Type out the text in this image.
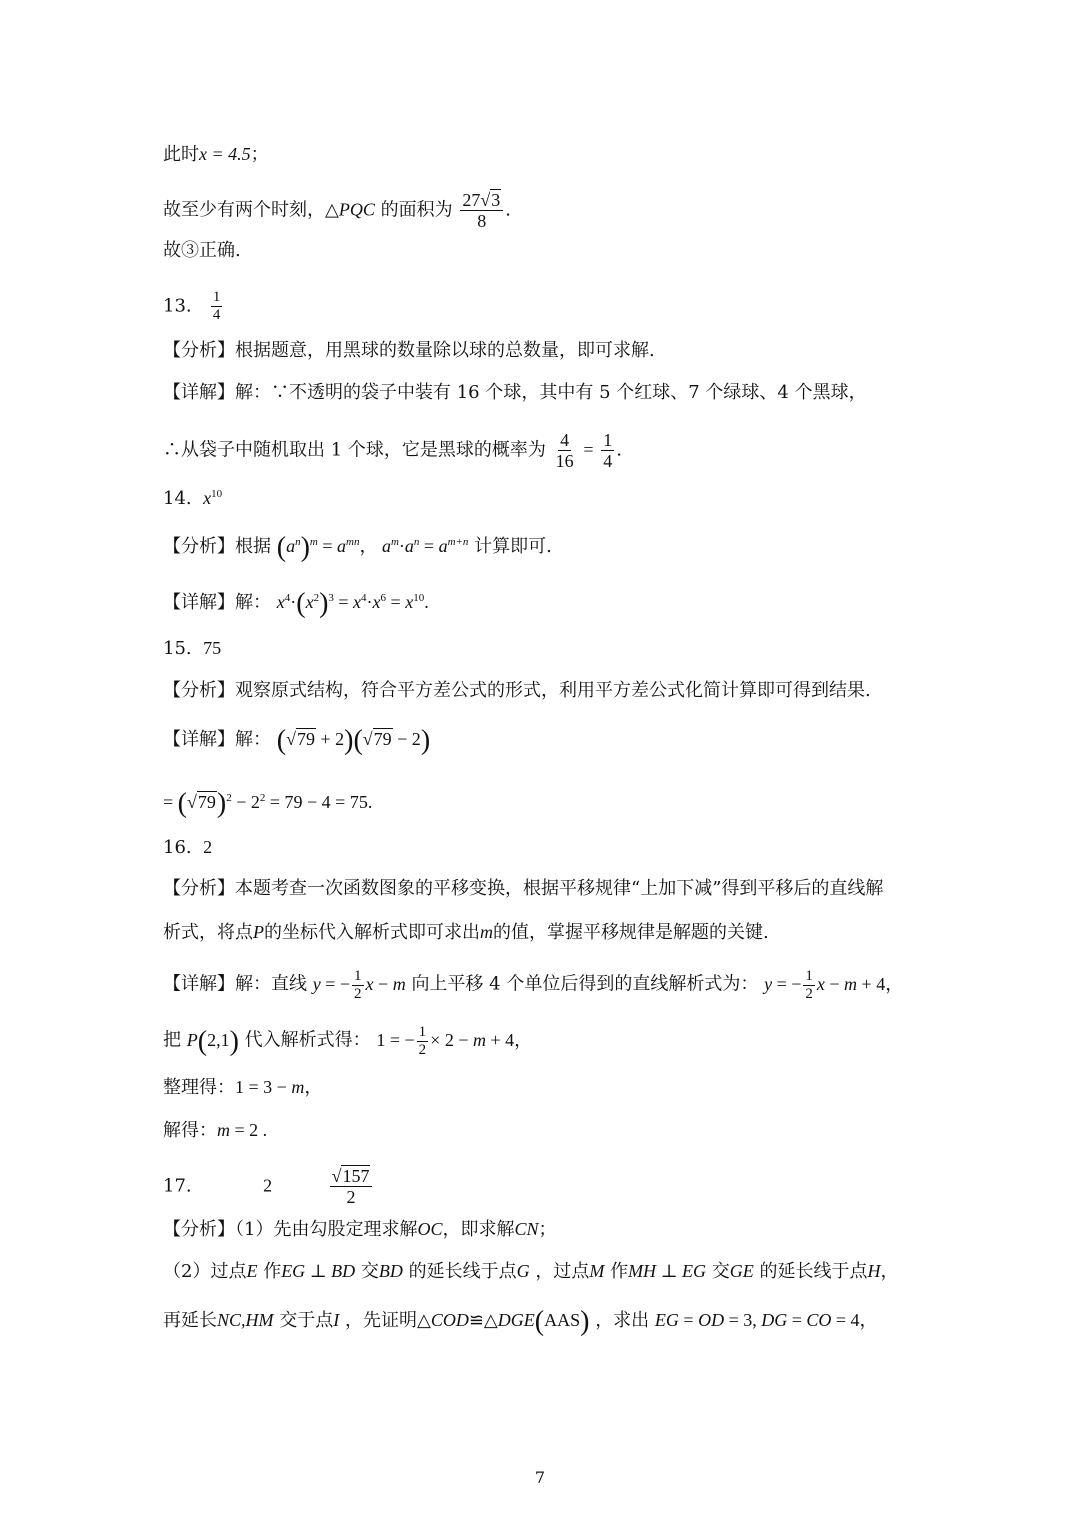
此时x = 4.5；
故至少有两个时刻，△PQC 的面积为 $\frac{27√3}{8}$ .
故③正确.
13. $\frac{1}{4}$
【分析】根据题意，用黑球的数量除以球的总数量，即可求解.
【详解】解：∵不透明的袋子中装有 16 个球，其中有 5 个红球、7 个绿球、4 个黑球，
∴从袋子中随机取出 1 个球，它是黑球的概率为 $\frac{4}{16} = \frac{1}{4}$ .
14. $x^{10}$
【分析】根据 $(a^n)^m = a^{mn}$， $a^m\cdot a^n = a^{m+n}$ 计算即可.
【详解】解： $x^4\cdot(x^2)^3 = x^4\cdot x^6 = x^{10}$.
15. 75
【分析】观察原式结构，符合平方差公式的形式，利用平方差公式化简计算即可得到结果.
【详解】解： (√79 + 2)(√79 − 2)
= $(√79)^2 - 2^2 = 79 - 4 = 75$.
16. 2
【分析】本题考查一次函数图象的平移变换，根据平移规律“上加下减”得到平移后的直线解
析式，将点P的坐标代入解析式即可求出m的值，掌握平移规律是解题的关键.
【详解】解：直线 y = − $\frac{1}{2}$ x − m 向上平移 4 个单位后得到的直线解析式为： y = − $\frac{1}{2}$ x − m + 4，
把 P(2,1) 代入解析式得： 1 = − $\frac{1}{2} \times 2 - m + 4$，
整理得：1 = 3 − m，
解得：m = 2 .
17.	2	$\frac{√157}{2}$
【分析】（1）先由勾股定理求解OC，即求解CN；
（2）过点E 作EG ⊥ BD 交BD 的延长线于点G ，过点M 作MH ⊥ EG 交GE 的延长线于点H，
再延长NC,HM 交于点I ，先证明△COD≌△DGE(AAS) ，求出 EG = OD = 3, DG = CO = 4，
7
